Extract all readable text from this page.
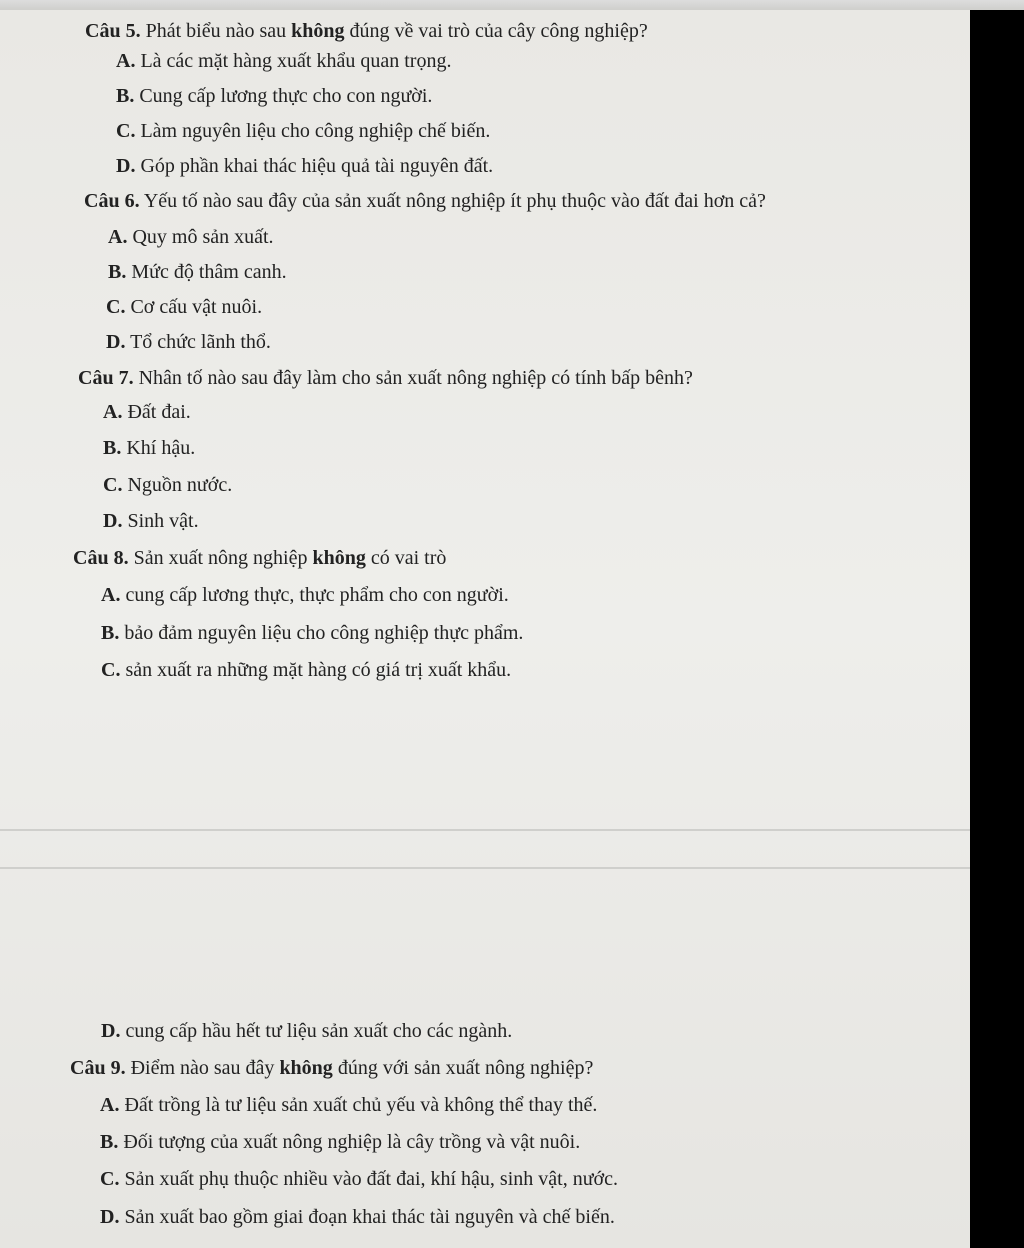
Câu 5. Phát biểu nào sau không đúng về vai trò của cây công nghiệp?
A. Là các mặt hàng xuất khẩu quan trọng.
B. Cung cấp lương thực cho con người.
C. Làm nguyên liệu cho công nghiệp chế biến.
D. Góp phần khai thác hiệu quả tài nguyên đất.
Câu 6. Yếu tố nào sau đây của sản xuất nông nghiệp ít phụ thuộc vào đất đai hơn cả?
A. Quy mô sản xuất.
B. Mức độ thâm canh.
C. Cơ cấu vật nuôi.
D. Tổ chức lãnh thổ.
Câu 7. Nhân tố nào sau đây làm cho sản xuất nông nghiệp có tính bấp bênh?
A. Đất đai.
B. Khí hậu.
C. Nguồn nước.
D. Sinh vật.
Câu 8. Sản xuất nông nghiệp không có vai trò
A. cung cấp lương thực, thực phẩm cho con người.
B. bảo đảm nguyên liệu cho công nghiệp thực phẩm.
C. sản xuất ra những mặt hàng có giá trị xuất khẩu.
D. cung cấp hầu hết tư liệu sản xuất cho các ngành.
Câu 9. Điểm nào sau đây không đúng với sản xuất nông nghiệp?
A. Đất trồng là tư liệu sản xuất chủ yếu và không thể thay thế.
B. Đối tượng của xuất nông nghiệp là cây trồng và vật nuôi.
C. Sản xuất phụ thuộc nhiều vào đất đai, khí hậu, sinh vật, nước.
D. Sản xuất bao gồm giai đoạn khai thác tài nguyên và chế biến.
